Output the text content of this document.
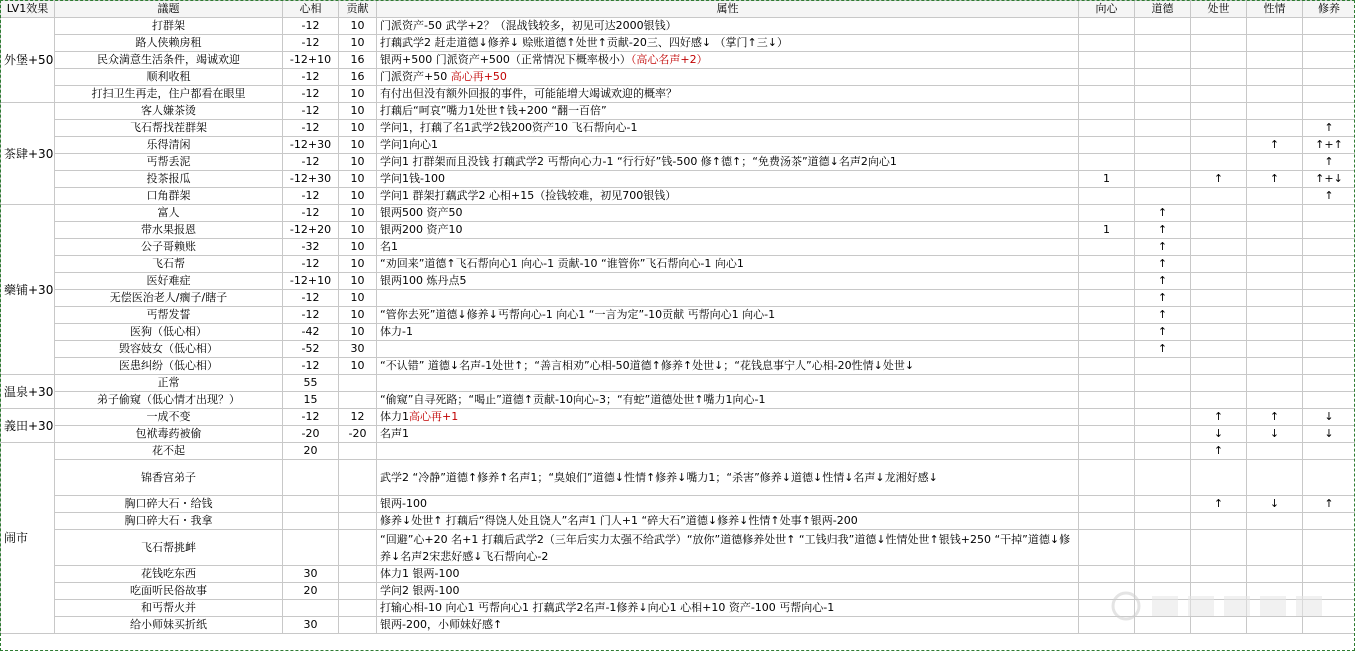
LV1效果	議题	心相	贡献	属性	向心	道德	处世	性情	修养
外堡+50	打群架	-12	10	门派资产-50 武学+2？（混战钱较多，初见可达2000银钱）					
	路人侠赖房租	-12	10	打藕武学2 赶走道德↓修养↓ 赊账道德↑处世↑贡献-20三、四好感↓ （掌门↑三↓）					
	民众満意生活条件，竭诚欢迎	-12+10	16	银两+500 门派资产+500（正常情况下概率极小）（高心名声+2）					
	顺利收租	-12	16	门派资产+50 高心再+50					
	打扫卫生再走，住户都看在眼里	-12	10	有付出但没有额外回报的事件，可能能增大竭诚欢迎的概率？					
茶肆+30	客人嫌茶烫	-12	10	打藕后“呵哀”嘴力1处世↑钱+200 “翻一百倍”					
	飞石帮找茬群架	-12	10	学问1，打藕了名1武学2钱200资产10 飞石帮向心-1					↑
	乐得清闲	-12+30	10	学问1向心1				↑	↑+↑
	丐帮丢泥	-12	10	学问1 打群架而且没钱 打藕武学2 丐帮向心力-1 “行行好”钱-500 修↑德↑；“免费汤茶”道德↓名声2向心1					↑
	投茶报瓜	-12+30	10	学问1钱-100	1		↑	↑	↑+↓
	口角群架	-12	10	学问1 群架打藕武学2 心相+15（捡钱较难，初见700银钱）					↑
藥铺+30	富人	-12	10	银两500 资产50		↑			
	带水果报恩	-12+20	10	银两200 资产10	1	↑			
	公子哥赖账	-32	10	名1		↑			
	飞石帮	-12	10	“劝回来”道德↑飞石帮向心1 向心-1 贡献-10 “谁管你”飞石帮向心-1 向心1		↑			
	医好难症	-12+10	10	银两100 炼丹点5		↑			
	无偿医治老人/瘸子/瞎子	-12	10			↑			
	丐帮发誓	-12	10	“管你去死”道德↓修养↓丐帮向心-1 向心1 “一言为定”-10贡献 丐帮向心1 向心-1		↑			
	医狗（低心相）	-42	10	体力-1		↑			
	毁容妓女（低心相）	-52	30			↑			
	医患纠纷（低心相）	-12	10	“不认错” 道德↓名声-1处世↑；“善言相劝”心相-50道德↑修养↑处世↓；“花钱息事宁人”心相-20性情↓处世↓					
温泉+30	正常	55							
	弟子偷窥（低心情才出现？）	15		“偷窥”自寻死路；“喝止”道德↑贡献-10向心-3；“有蛇”道德处世↑嘴力1向心-1					
義田+30	一成不变	-12	12	体力1高心再+1			↑	↑	↓
	包袱毒药被偷	-20	-20	名声1			↓	↓	↓
闹市	花不起	20					↑		
	锦香宫弟子			武学2 “冷静”道德↑修养↑名声1；“臭娘们”道德↓性情↑修养↓嘴力1；“杀害”修养↓道德↓性情↓名声↓龙湘好感↓					
	胸口碎大石・给钱			银两-100			↑	↓	↑
	胸口碎大石・我拿			修养↓处世↑ 打藕后“得饶人处且饶人”名声1 门人+1 “碎大石”道德↓修养↓性情↑处事↑银两-200					
	飞石帮挑衅			“回避”心+20 名+1 打藕后武学2（三年后实力太强不给武学）“放你”道德修养处世↑ “工钱归我”道德↓性情处世↑银钱+250 “干掉”道德↓修养↓名声2宋悲好感↓飞石帮向心-2					
	花钱吃东西	30		体力1 银两-100					
	吃面听民俗故事	20		学问2 银两-100					
	和丐帮火并			打输心相-10 向心1 丐帮向心1 打藕武学2名声-1修养↓向心1 心相+10 资产-100 丐帮向心-1					
	给小师妹买折纸	30		银两-200，小师妹好感↑					
